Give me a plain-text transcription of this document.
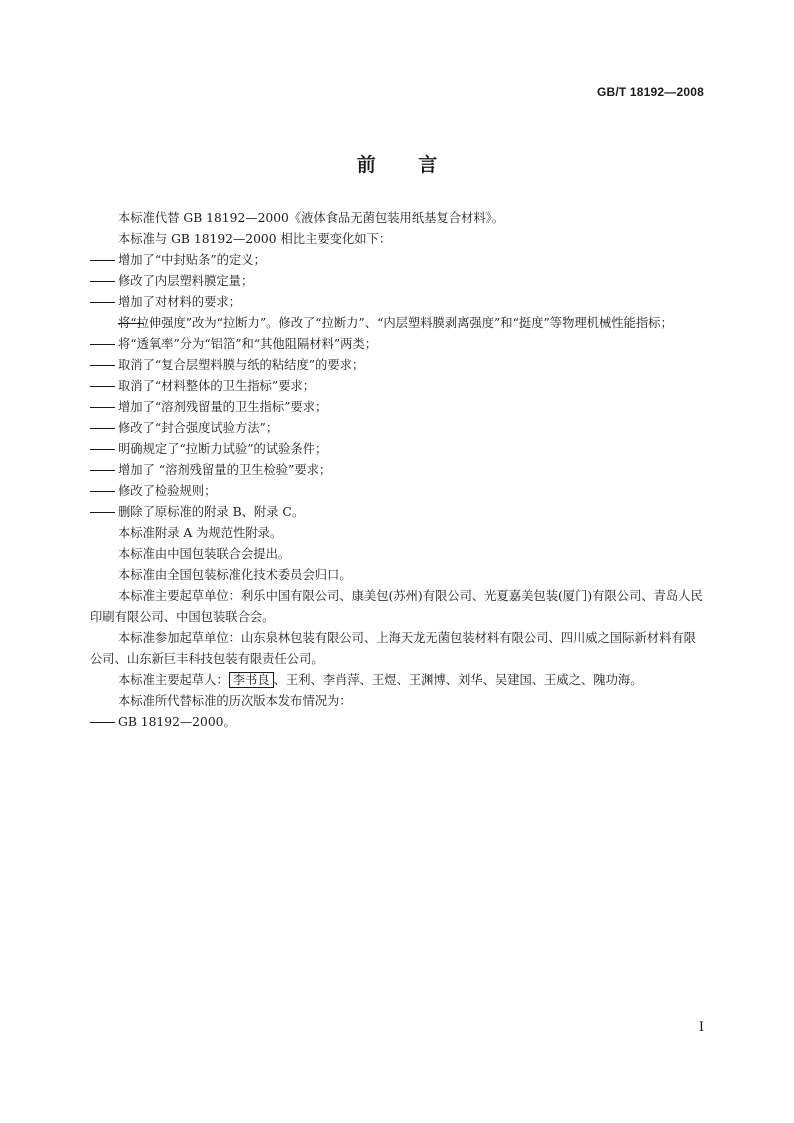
GB/T 18192—2008
前 言

本标准代替 GB 18192—2000《液体食品无菌包装用纸基复合材料》。

本标准与 GB 18192—2000 相比主要变化如下：

增加了“中封贴条”的定义；

修改了内层塑料膜定量；

增加了对材料的要求；

将“拉伸强度”改为“拉断力”。修改了“拉断力”、“内层塑料膜剥离强度”和“挺度”等物理机械性能指标；

将“透氧率”分为“铝箔”和“其他阻隔材料”两类；

取消了“复合层塑料膜与纸的粘结度”的要求；

取消了“材料整体的卫生指标”要求；

增加了“溶剂残留量的卫生指标”要求；

修改了“封合强度试验方法”；

明确规定了“拉断力试验”的试验条件；

增加了 “溶剂残留量的卫生检验”要求；

修改了检验规则；

删除了原标准的附录 B、附录 C。

本标准附录 A 为规范性附录。

本标准由中国包装联合会提出。

本标准由全国包装标准化技术委员会归口。

本标准主要起草单位：利乐中国有限公司、康美包(苏州)有限公司、光夏嘉美包装(厦门)有限公司、青岛人民印刷有限公司、中国包装联合会。

本标准参加起草单位：山东泉林包装有限公司、上海天龙无菌包装材料有限公司、四川威之国际新材料有限公司、山东新巨丰科技包装有限责任公司。

本标准主要起草人： 李书良 、王利、李肖萍、王煜、王渊博、刘华、吴建国、王威之、隗功海。

本标准所代替标准的历次版本发布情况为：

GB 18192—2000。

I
